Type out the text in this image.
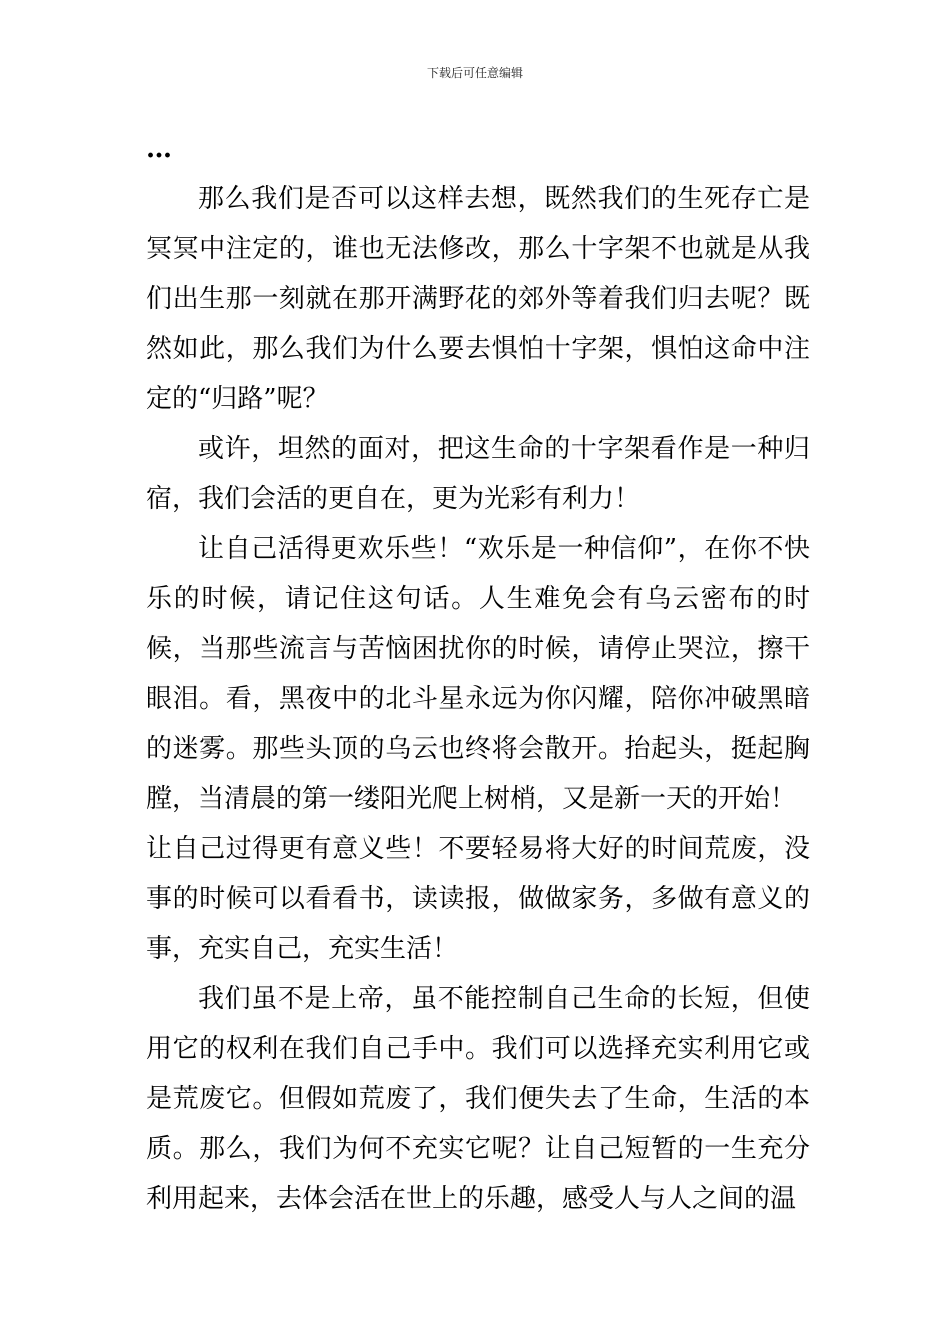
下载后可任意编辑

…

那么我们是否可以这样去想，既然我们的生死存亡是冥冥中注定的，谁也无法修改，那么十字架不也就是从我们出生那一刻就在那开满野花的郊外等着我们归去呢？既然如此，那么我们为什么要去惧怕十字架，惧怕这命中注定的“归路”呢？

或许，坦然的面对，把这生命的十字架看作是一种归宿，我们会活的更自在，更为光彩有利力！

让自己活得更欢乐些！“欢乐是一种信仰”，在你不快乐的时候，请记住这句话。人生难免会有乌云密布的时候，当那些流言与苦恼困扰你的时候，请停止哭泣，擦干眼泪。看，黑夜中的北斗星永远为你闪耀，陪你冲破黑暗的迷雾。那些头顶的乌云也终将会散开。抬起头，挺起胸膛，当清晨的第一缕阳光爬上树梢，又是新一天的开始！

让自己过得更有意义些！不要轻易将大好的时间荒废，没事的时候可以看看书，读读报，做做家务，多做有意义的事，充实自己，充实生活！

我们虽不是上帝，虽不能控制自己生命的长短，但使用它的权利在我们自己手中。我们可以选择充实利用它或是荒废它。但假如荒废了，我们便失去了生命，生活的本质。那么，我们为何不充实它呢？让自己短暂的一生充分利用起来，去体会活在世上的乐趣，感受人与人之间的温
